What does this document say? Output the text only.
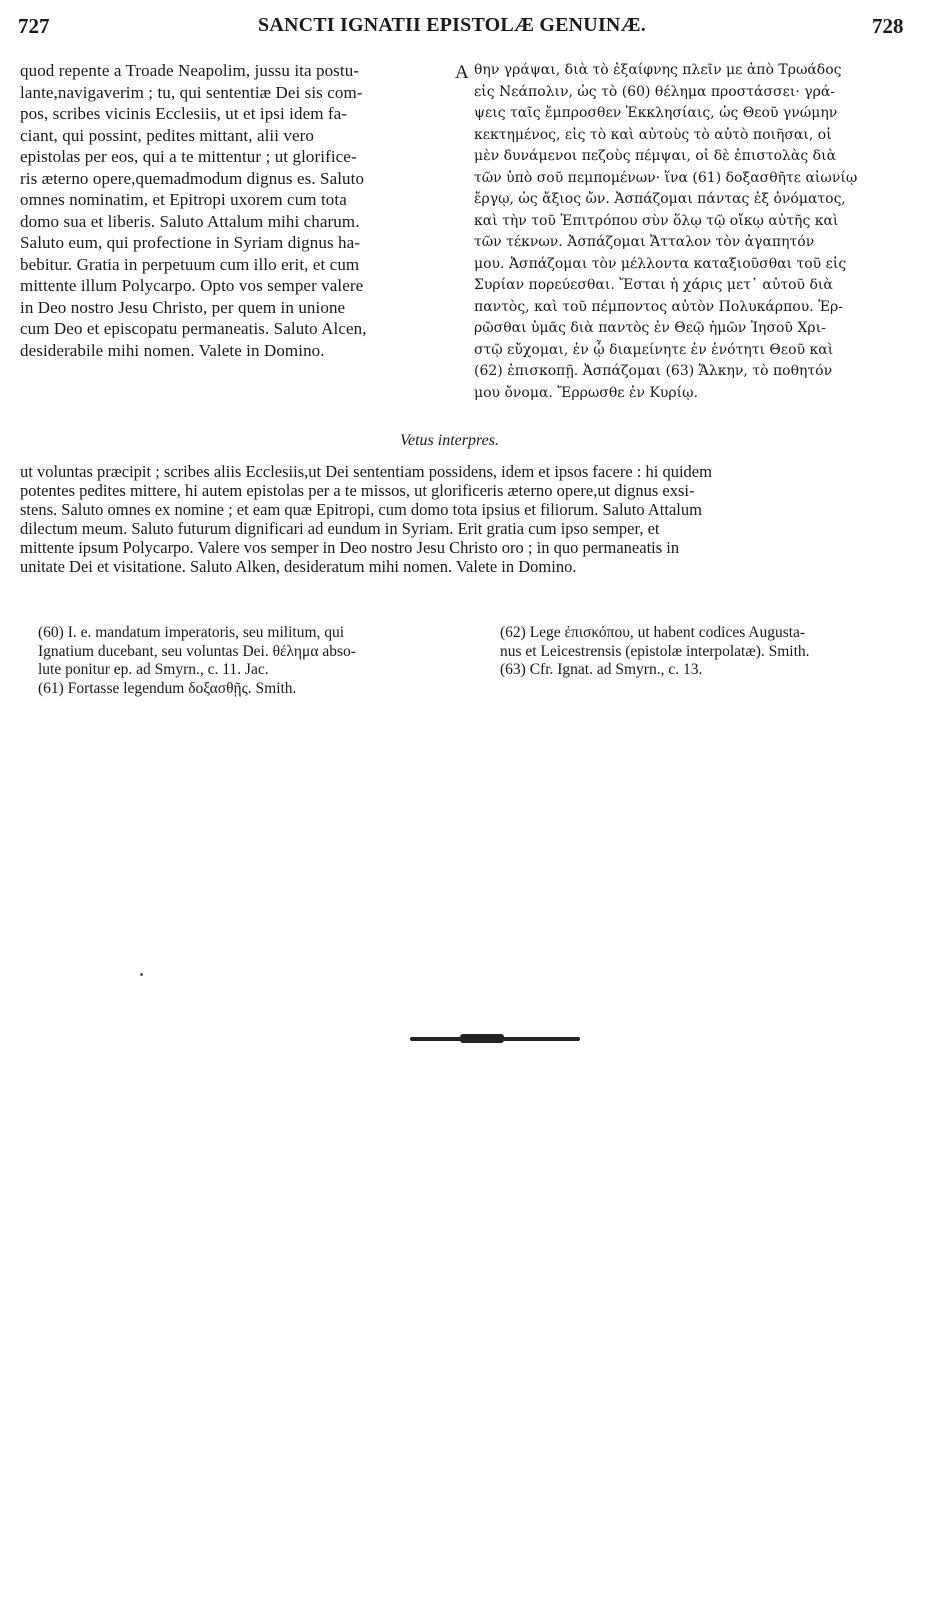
727	SANCTI IGNATII EPISTOLÆ GENUINÆ.	728
quod repente a Troade Neapolim, jussu ita postu-
lante,navigaverim ; tu, qui sententiæ Dei sis com-
pos, scribes vicinis Ecclesiis, ut et ipsi idem fa-
ciant, qui possint, pedites mittant, alii vero
epistolas per eos, qui a te mittentur ; ut glorifice-
ris æterno opere,quemadmodum dignus es. Saluto
omnes nominatim, et Epitropi uxorem cum tota
domo sua et liberis. Saluto Attalum mihi charum.
Saluto eum, qui profectione in Syriam dignus ha-
bebitur. Gratia in perpetuum cum illo erit, et cum
mittente illum Polycarpo. Opto vos semper valere
in Deo nostro Jesu Christo, per quem in unione
cum Deo et episcopatu permaneatis. Saluto Alcen,
desiderabile mihi nomen. Valete in Domino.
A θην γράψαι, διὰ τὸ ἐξαίφνης πλεῖν με ἀπὸ Τρωάδος
εἰς Νεάπολιν, ὡς τὸ (60) θέλημα προστάσσει· γρά-
ψεις ταῖς ἔμπροσθεν Ἐκκλησίαις, ὡς Θεοῦ γνώμην
κεκτημένος, εἰς τὸ καὶ αὐτοὺς τὸ αὐτὸ ποιῆσαι, οἱ
μὲν δυνάμενοι πεζοὺς πέμψαι, οἱ δὲ ἐπιστολὰς διὰ
τῶν ὑπὸ σοῦ πεμπομένων· ἵνα (61) δοξασθῆτε αἰωνίῳ
ἔργῳ, ὡς ἄξιος ὤν. Ἀσπάζομαι πάντας ἐξ ὀνόματος,
καὶ τὴν τοῦ Ἐπιτρόπου σὺν ὅλῳ τῷ οἴκῳ αὐτῆς καὶ
τῶν τέκνων. Ἀσπάζομαι Ἄτταλον τὸν ἀγαπητόν
μου. Ἀσπάζομαι τὸν μέλλοντα καταξιοῦσθαι τοῦ εἰς
Συρίαν πορεύεσθαι. Ἔσται ἡ χάρις μετ᾽ αὐτοῦ διὰ
παντὸς, καὶ τοῦ πέμποντος αὐτὸν Πολυκάρπου. Ἐρ-
ρῶσθαι ὑμᾶς διὰ παντὸς ἐν Θεῷ ἡμῶν Ἰησοῦ Χρι-
στῷ εὔχομαι, ἐν ᾧ διαμείνητε ἐν ἑνότητι Θεοῦ καὶ
(62) ἐπισκοπῇ. Ἀσπάζομαι (63) Ἄλκην, τὸ ποθητόν
μου ὄνομα. Ἔρρωσθε ἐν Κυρίῳ.
Vetus interpres.
ut voluntas præcipit ; scribes aliis Ecclesiis,ut Dei sententiam possidens, idem et ipsos facere : hi quidem
potentes pedites mittere, hi autem epistolas per a te missos, ut glorificeris æterno opere,ut dignus exsi-
stens. Saluto omnes ex nomine ; et eam quæ Epitropi, cum domo tota ipsius et filiorum. Saluto Attalum
dilectum meum. Saluto futurum dignificari ad eundum in Syriam. Erit gratia cum ipso semper, et
mittente ipsum Polycarpo. Valere vos semper in Deo nostro Jesu Christo oro ; in quo permaneatis in
unitate Dei et visitatione. Saluto Alken, desideratum mihi nomen. Valete in Domino.
(60) I. e. mandatum imperatoris, seu militum, qui
Ignatium ducebant, seu voluntas Dei. θέλημα abso-
lute ponitur ep. ad Smyrn., c. 11. Jac.
(61) Fortasse legendum δοξασθῇς. Smith.
(62) Lege ἐπισκόπου, ut habent codices Augusta-
nus et Leicestrensis (epistolæ interpolatæ). Smith.
(63) Cfr. Ignat. ad Smyrn., c. 13.
